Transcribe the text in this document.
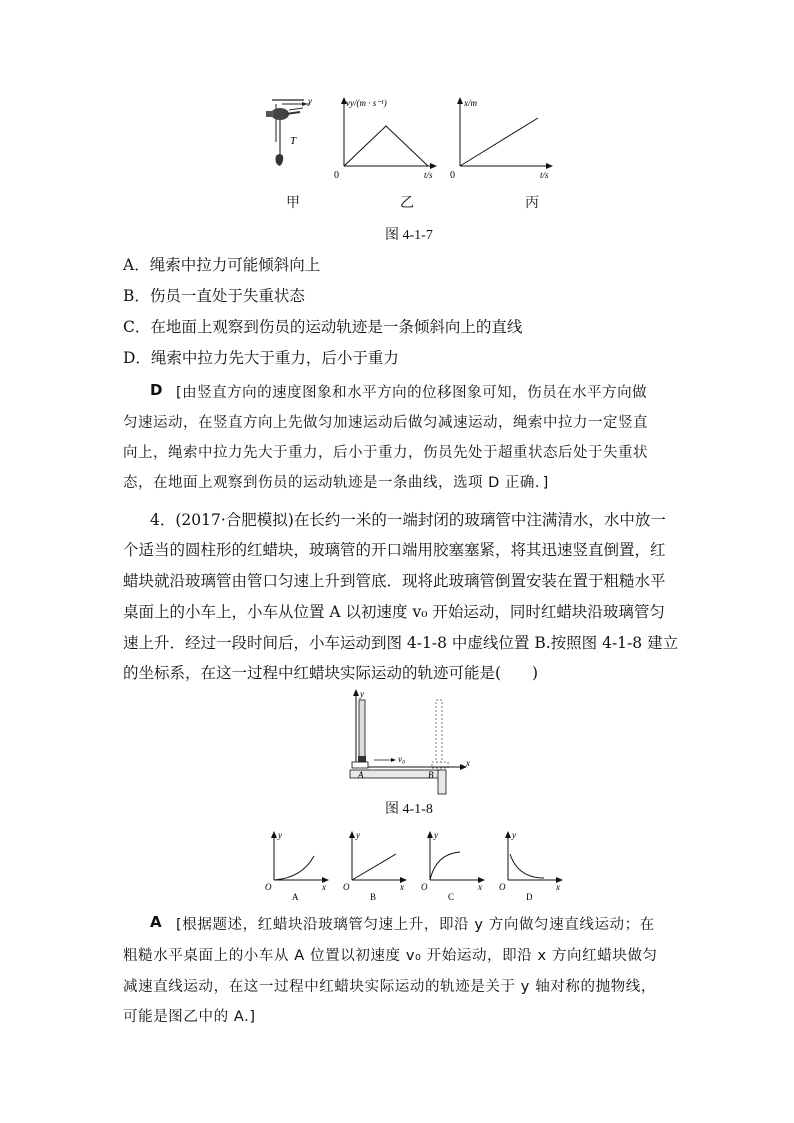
T
y	vy/(m · s⁻¹)
t/s
0
x/m
t/s
0
甲	乙	丙
图 4-1-7
A．绳索中拉力可能倾斜向上
B．伤员一直处于失重状态
C．在地面上观察到伤员的运动轨迹是一条倾斜向上的直线
D．绳索中拉力先大于重力，后小于重力
D [由竖直方向的速度图象和水平方向的位移图象可知，伤员在水平方向做
匀速运动，在竖直方向上先做匀加速运动后做匀减速运动，绳索中拉力一定竖直
向上，绳索中拉力先大于重力，后小于重力，伤员先处于超重状态后处于失重状
态，在地面上观察到伤员的运动轨迹是一条曲线，选项 D 正确．]
4．(2017·合肥模拟)在长约一米的一端封闭的玻璃管中注满清水，水中放一
个适当的圆柱形的红蜡块，玻璃管的开口端用胶塞塞紧，将其迅速竖直倒置，红
蜡块就沿玻璃管由管口匀速上升到管底．现将此玻璃管倒置安装在置于粗糙水平
桌面上的小车上，小车从位置 A 以初速度 v₀ 开始运动，同时红蜡块沿玻璃管匀
速上升．经过一段时间后，小车运动到图 4-1-8 中虚线位置 B.按照图 4-1-8 建立
的坐标系，在这一过程中红蜡块实际运动的轨迹可能是(　　)
y
v₀
A	B
x
图 4-1-8
y
O	x
A
y
O	x
B
y
O	x
C
y
O	x
D
A [根据题述，红蜡块沿玻璃管匀速上升，即沿 y 方向做匀速直线运动；在
粗糙水平桌面上的小车从 A 位置以初速度 v₀ 开始运动，即沿 x 方向红蜡块做匀
减速直线运动，在这一过程中红蜡块实际运动的轨迹是关于 y 轴对称的抛物线，
可能是图乙中的 A.]
